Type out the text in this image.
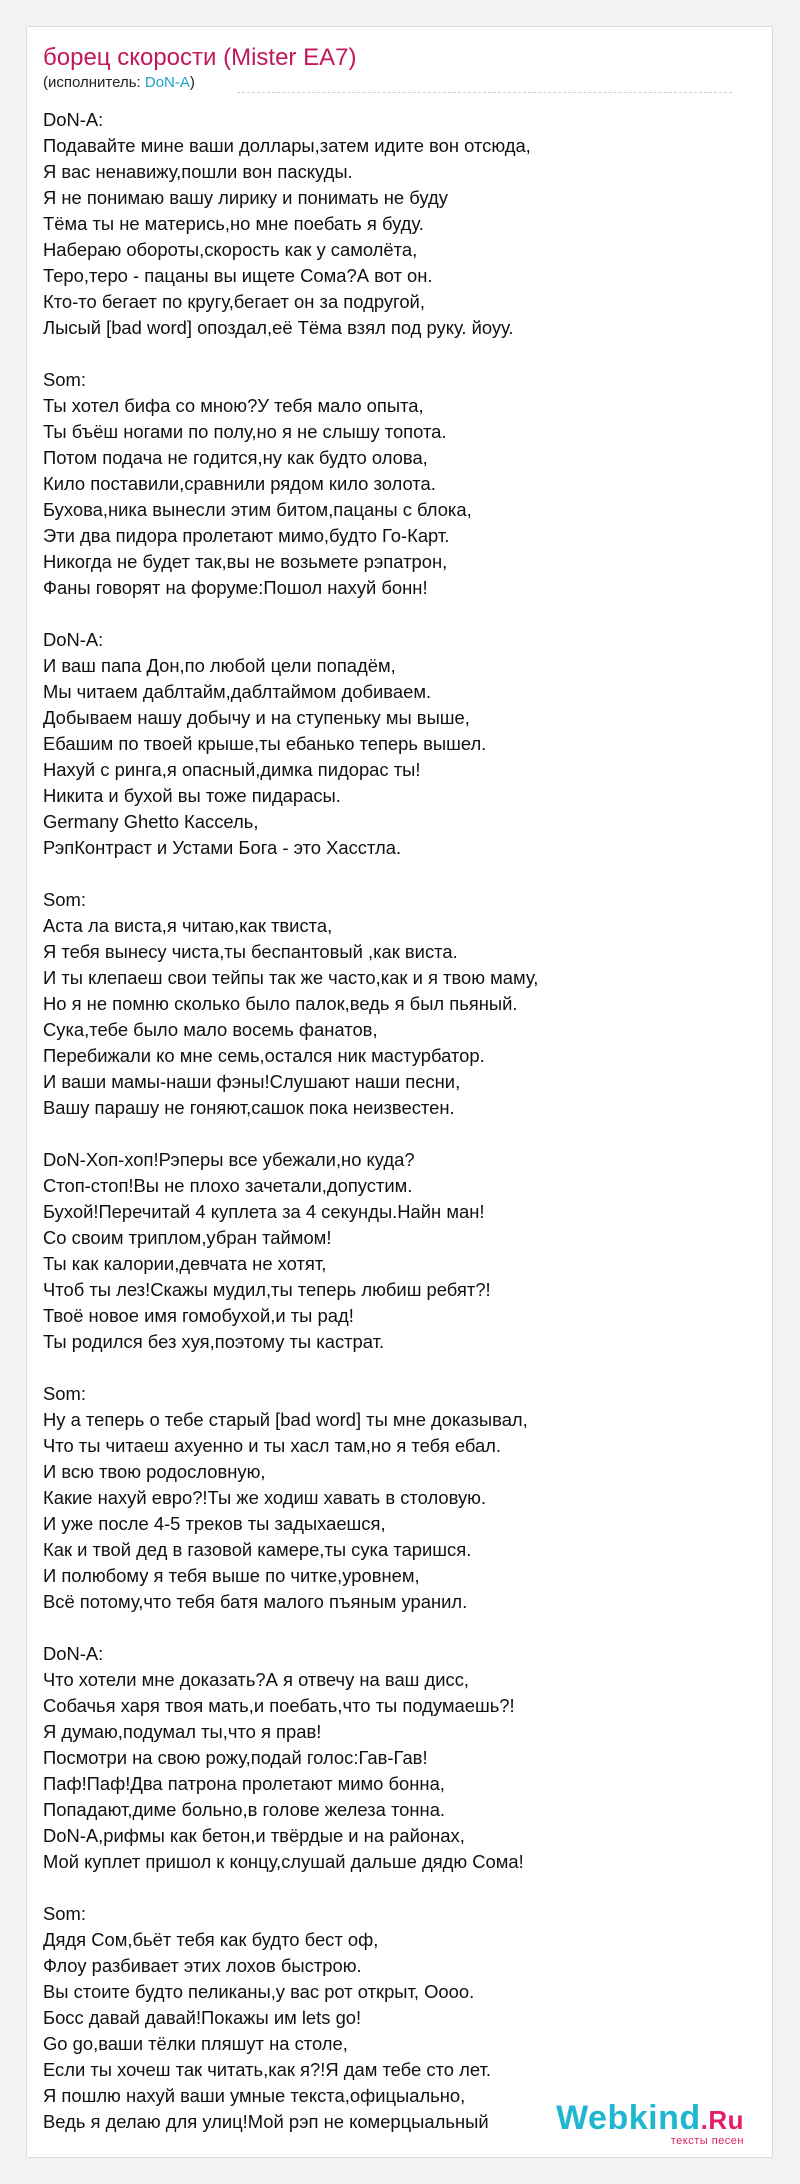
борец скорости (Mister EA7)
(исполнитель: DoN-A)
DoN-A:
Подавайте мине ваши доллары,затем идите вон отсюда,
Я вас ненавижу,пошли вон паскуды.
Я не понимаю вашу лирику и понимать не буду
Тёма ты не матерись,но мне поебать я буду.
Набераю обороты,скорость как у самолёта,
Теро,теро - пацаны вы ищете Сома?А вот он.
Кто-то бегает по кругу,бегает он за подругой,
Лысый [bad word] опоздал,её Тёма взял под руку. йоуу.
Som:
Ты хотел бифа со мною?У тебя мало опыта,
Ты бъёш ногами по полу,но я не слышу топота.
Потом подача не годится,ну как будто олова,
Кило поставили,сравнили рядом кило золота.
Бухова,ника вынесли этим битом,пацаны с блока,
Эти два пидора пролетают мимо,будто Го-Карт.
Никогда не будет так,вы не возьмете рэпатрон,
Фаны говорят на форуме:Пошол нахуй бонн!
DoN-A:
И ваш папа Дон,по любой цели попадём,
Мы читаем даблтайм,даблтаймом добиваем.
Добываем нашу добычу и на ступеньку мы выше,
Ебашим по твоей крыше,ты ебанько теперь вышел.
Нахуй с ринга,я опасный,димка пидорас ты!
Никита и бухой вы тоже пидарасы.
Germany Ghetto Кассель,
РэпКонтраст и Устами Бога - это Хасстла.
Som:
Аста ла виста,я читаю,как твиста,
Я тебя вынесу чиста,ты беспантовый ,как виста.
И ты клепаеш свои тейпы так же часто,как и я твою маму,
Но я не помню сколько было палок,ведь я был пьяный.
Сука,тебе было мало восемь фанатов,
Перебижали ко мне семь,остался ник мастурбатор.
И ваши мамы-наши фэны!Слушают наши песни,
Вашу парашу не гоняют,сашок пока неизвестен.
DoN-Хоп-хоп!Рэперы все убежали,но куда?
Стоп-стоп!Вы не плохо зачетали,допустим.
Бухой!Перечитай 4 куплета за 4 секунды.Найн ман!
Со своим триплом,убран таймом!
Ты как калории,девчата не хотят,
Чтоб ты лез!Скажы мудил,ты теперь любиш ребят?!
Твоё новое имя гомобухой,и ты рад!
Ты родился без хуя,поэтому ты кастрат.
Som:
Ну а теперь о тебе старый [bad word] ты мне доказывал,
Что ты читаеш ахуенно и ты хасл там,но я тебя ебал.
И всю твою родословную,
Какие нахуй евро?!Ты же ходиш хавать в столовую.
И уже после 4-5 треков ты задыхаешся,
Как и твой дед в газовой камере,ты сука таришся.
И полюбому я тебя выше по читке,уровнем,
Всё потому,что тебя батя малого пъяным уранил.
DoN-A:
Что хотели мне доказать?А я отвечу на ваш дисс,
Собачья харя твоя мать,и поебать,что ты подумаешь?!
Я думаю,подумал ты,что я прав!
Посмотри на свою рожу,подай голос:Гав-Гав!
Паф!Паф!Два патрона пролетают мимо бонна,
Попадают,диме больно,в голове железа тонна.
DoN-A,рифмы как бетон,и твёрдые и на районах,
Мой куплет пришол к концу,слушай дальше дядю Сома!
Som:
Дядя Сом,бьёт тебя как будто бест оф,
Флоу разбивает этих лохов быстрою.
Вы стоите будто пеликаны,у вас рот открыт, Оооо.
Босс давай давай!Покажы им lets go!
Go go,ваши тёлки пляшут на столе,
Если ты хочеш так читать,как я?!Я дам тебе сто лет.
Я пошлю нахуй ваши умные текста,офицыально,
Ведь я делаю для улиц!Мой рэп не комерцыальный	Webkind.Ru
тексты песен
